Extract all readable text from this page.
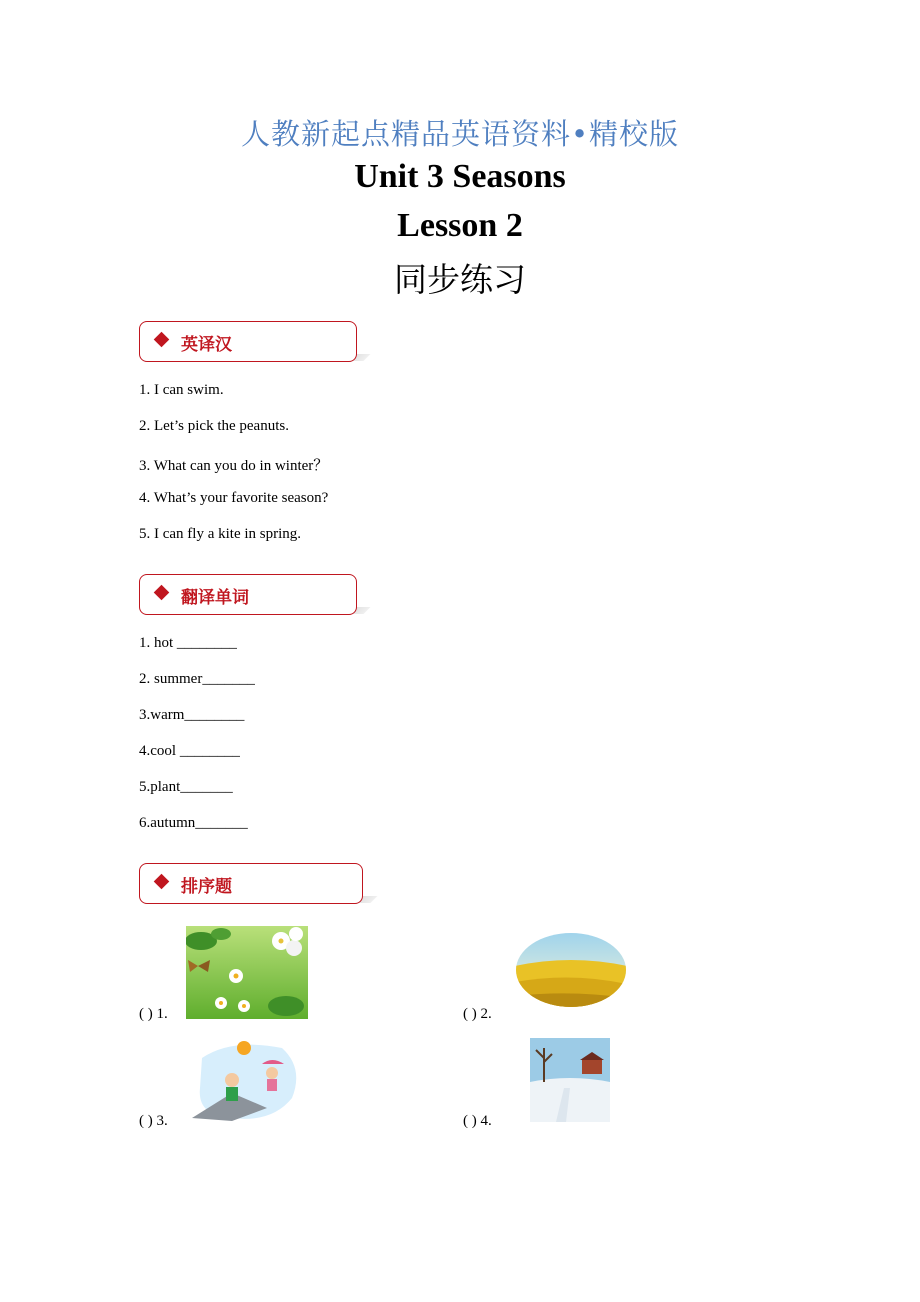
人教新起点精品英语资料•精校版
Unit 3 Seasons
Lesson 2
同步练习
英译汉
1. I can swim.
2. Let’s pick the peanuts.
3. What can you do in winter？
4. What’s your favorite season?
5. I can fly a kite in spring.
翻译单词
1. hot ________
2. summer_______
3.warm________
4.cool ________
5.plant_______
6.autumn_______
排序题
( ) 1.	( ) 2.
( ) 3.	( ) 4.
